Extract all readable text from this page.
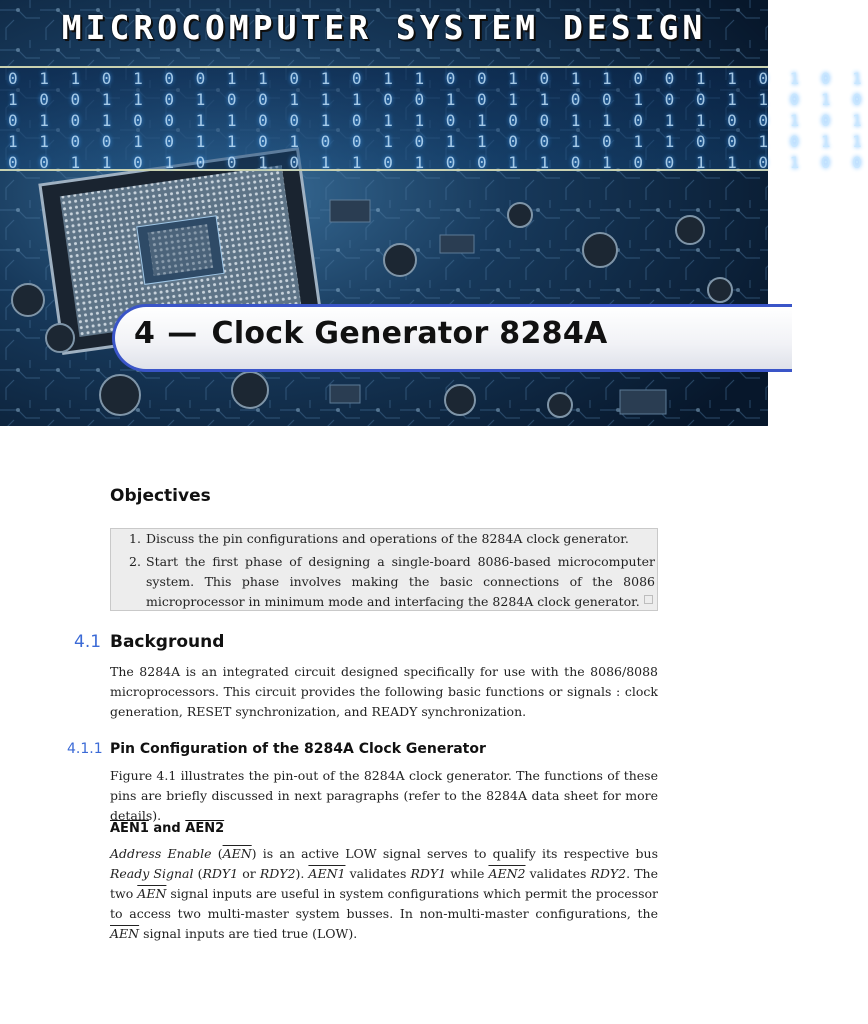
0 1 1 0 1 0 0 1 1 0 1 0 1 1 0 0 1 0 1 1 0 0 1 1 0 1 0 1
1 0 0 1 1 0 1 0 0 1 1 1 0 0 1 0 1 1 0 0 1 0 0 1 1 0 1 0
0 1 0 1 0 0 1 1 0 0 1 0 1 1 0 1 0 0 1 1 0 1 1 0 0 1 0 1
1 1 0 0 1 0 1 1 0 1 0 0 1 0 1 1 0 0 1 0 1 1 0 0 1 0 1 1
0 0 1 1 0 1 0 0 1 0 1 1 0 1 0 0 1 1 0 1 0 0 1 1 0 1 0 0
MICROCOMPUTER SYSTEM DESIGN
4 — Clock Generator 8284A
Objectives
1. Discuss the pin configurations and operations of the 8284A clock generator.
2. Start the first phase of designing a single-board 8086-based microcomputer system. This phase involves making the basic connections of the 8086 microprocessor in minimum mode and interfacing the 8284A clock generator.
4.1 Background
The 8284A is an integrated circuit designed specifically for use with the 8086/8088 microprocessors. This circuit provides the following basic functions or signals : clock generation, RESET synchronization, and READY synchronization.
4.1.1 Pin Configuration of the 8284A Clock Generator
Figure 4.1 illustrates the pin-out of the 8284A clock generator. The functions of these pins are briefly discussed in next paragraphs (refer to the 8284A data sheet for more details).
AEN1 and AEN2
Address Enable $(\overline{AEN})$ is an active LOW signal serves to qualify its respective bus Ready Signal (RDY1 or RDY2). AEN1 validates RDY1 while AEN2 validates RDY2. The two $\overline{AEN}$ signal inputs are useful in system configurations which permit the processor to access two multi-master system busses. In non-multi-master configurations, the $\overline{AEN}$ signal inputs are tied true (LOW).
